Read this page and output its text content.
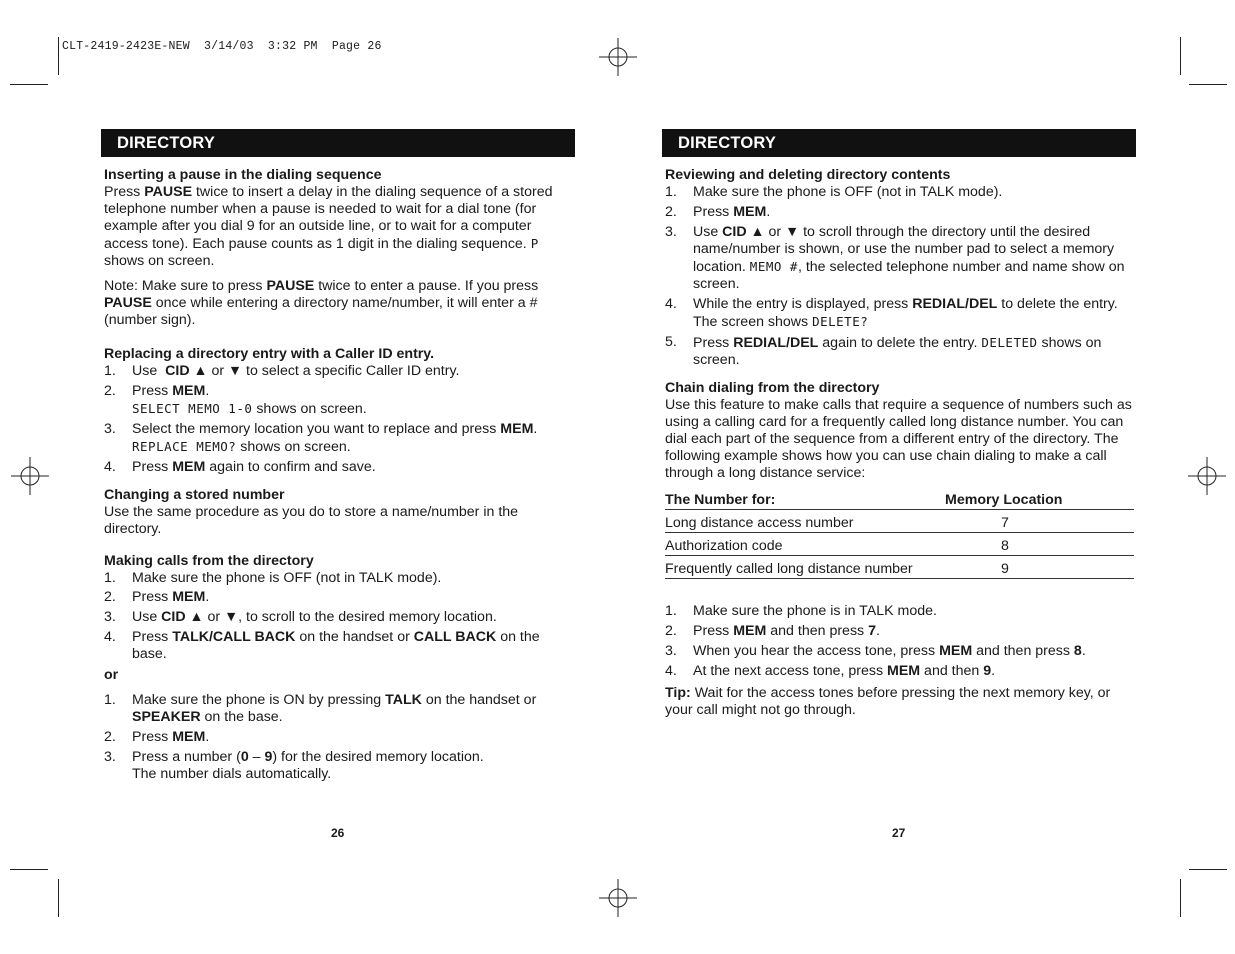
CLT-2419-2423E-NEW  3/14/03  3:32 PM  Page 26
DIRECTORY

Inserting a pause in the dialing sequence

Press PAUSE twice to insert a delay in the dialing sequence of a stored telephone number when a pause is needed to wait for a dial tone (for example after you dial 9 for an outside line, or to wait for a computer access tone). Each pause counts as 1 digit in the dialing sequence. P shows on screen.

Note: Make sure to press PAUSE twice to enter a pause. If you press PAUSE once while entering a directory name/number, it will enter a # (number sign).

Replacing a directory entry with a Caller ID entry.

1. Use  CID ▲ or ▼ to select a specific Caller ID entry.
2. Press MEM.
SELECT MEMO 1-0 shows on screen.
3. Select the memory location you want to replace and press MEM.
REPLACE MEMO? shows on screen.
4. Press MEM again to confirm and save.

Changing a stored number

Use the same procedure as you do to store a name/number in the directory.

Making calls from the directory

1. Make sure the phone is OFF (not in TALK mode).
2. Press MEM.
3. Use CID ▲ or ▼, to scroll to the desired memory location.
4. Press TALK/CALL BACK on the handset or CALL BACK on the base.

or

1. Make sure the phone is ON by pressing TALK on the handset or SPEAKER on the base.
2. Press MEM.
3. Press a number (0 – 9) for the desired memory location.
The number dials automatically.
26
DIRECTORY

Reviewing and deleting directory contents

1. Make sure the phone is OFF (not in TALK mode).
2. Press MEM.
3. Use CID ▲ or ▼ to scroll through the directory until the desired name/number is shown, or use the number pad to select a memory location. MEMO #, the selected telephone number and name show on screen.
4. While the entry is displayed, press REDIAL/DEL to delete the entry. The screen shows DELETE?
5. Press REDIAL/DEL again to delete the entry. DELETED shows on screen.

Chain dialing from the directory

Use this feature to make calls that require a sequence of numbers such as using a calling card for a frequently called long distance number. You can dial each part of the sequence from a different entry of the directory. The following example shows how you can use chain dialing to make a call through a long distance service:

The Number for:	Memory Location
Long distance access number	7
Authorization code	8
Frequently called long distance number	9
1. Make sure the phone is in TALK mode.
2. Press MEM and then press 7.
3. When you hear the access tone, press MEM and then press 8.
4. At the next access tone, press MEM and then 9.

Tip: Wait for the access tones before pressing the next memory key, or your call might not go through.

27
